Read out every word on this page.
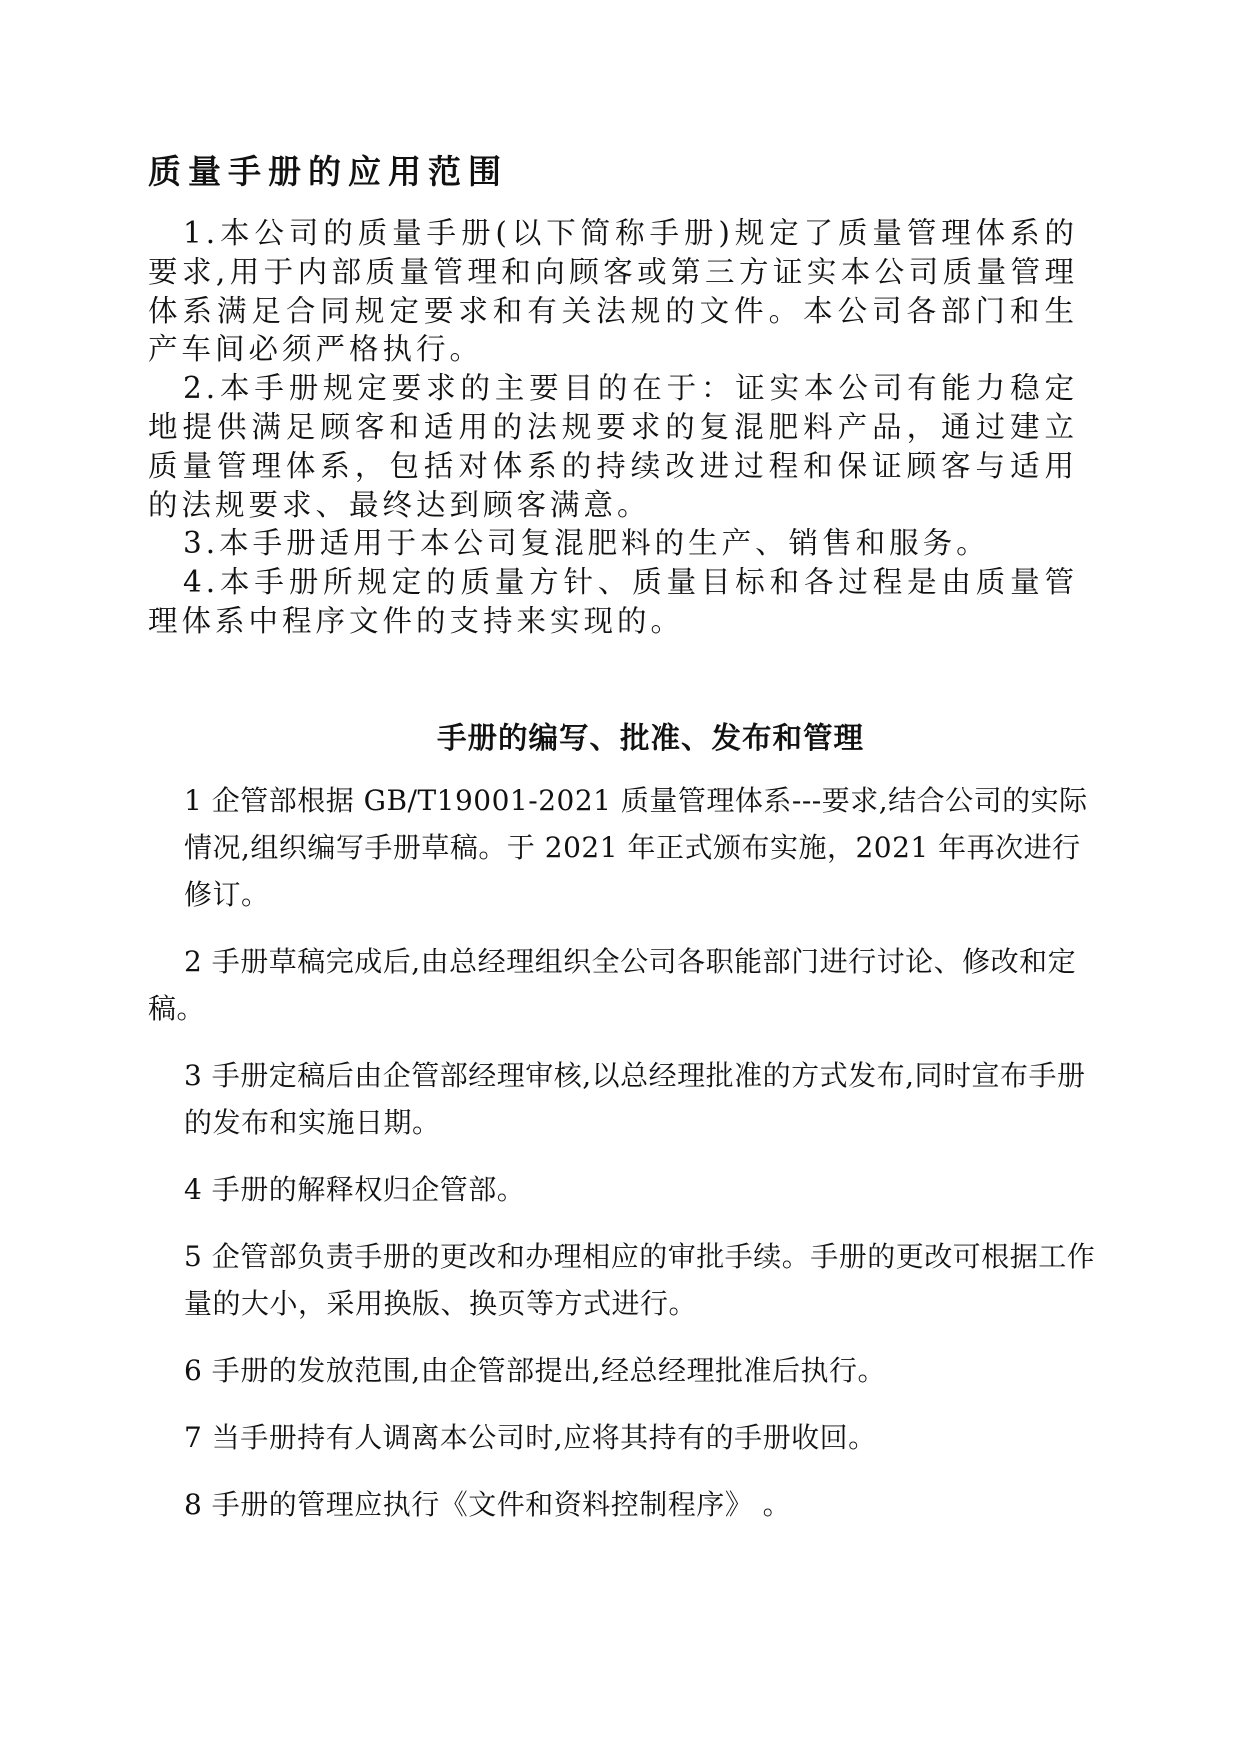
质量手册的应用范围

1.本公司的质量手册(以下简称手册)规定了质量管理体系的要求,用于内部质量管理和向顾客或第三方证实本公司质量管理体系满足合同规定要求和有关法规的文件。本公司各部门和生产车间必须严格执行。

2.本手册规定要求的主要目的在于：证实本公司有能力稳定地提供满足顾客和适用的法规要求的复混肥料产品，通过建立质量管理体系，包括对体系的持续改进过程和保证顾客与适用的法规要求、最终达到顾客满意。

3.本手册适用于本公司复混肥料的生产、销售和服务。

4.本手册所规定的质量方针、质量目标和各过程是由质量管理体系中程序文件的支持来实现的。

手册的编写、批准、发布和管理

1 企管部根据 GB/T19001-2021 质量管理体系---要求,结合公司的实际情况,组织编写手册草稿。于 2021 年正式颁布实施，2021 年再次进行修订。

2 手册草稿完成后,由总经理组织全公司各职能部门进行讨论、修改和定稿。

3 手册定稿后由企管部经理审核,以总经理批准的方式发布,同时宣布手册的发布和实施日期。

4 手册的解释权归企管部。

5 企管部负责手册的更改和办理相应的审批手续。手册的更改可根据工作量的大小，采用换版、换页等方式进行。

6 手册的发放范围,由企管部提出,经总经理批准后执行。

7 当手册持有人调离本公司时,应将其持有的手册收回。

8 手册的管理应执行《文件和资料控制程序》 。
